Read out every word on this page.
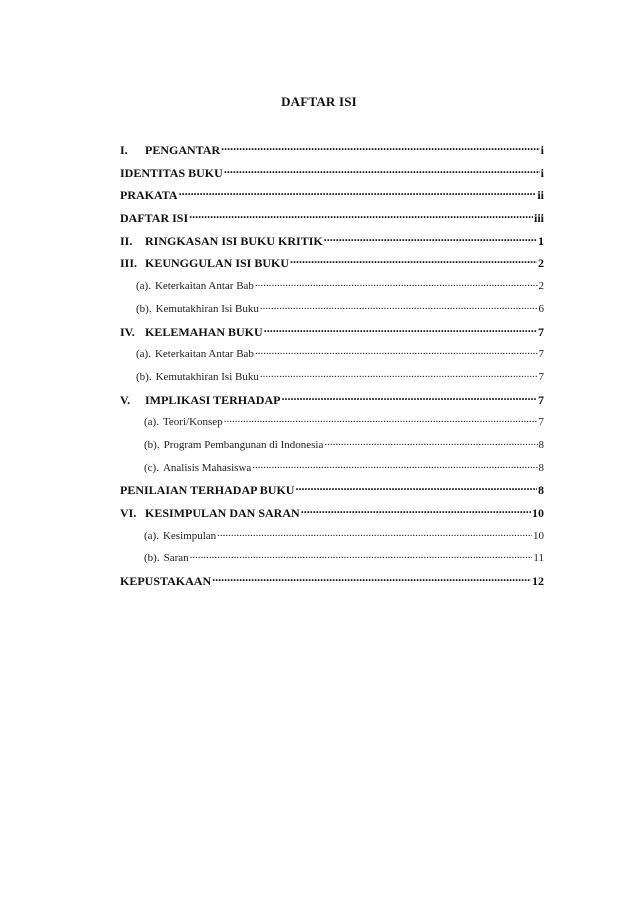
DAFTAR ISI
I.	PENGANTAR .....	i
IDENTITAS BUKU .....	i
PRAKATA .....	ii
DAFTAR ISI .....	iii
II.	RINGKASAN ISI BUKU KRITIK .....	1
III. KEUNGGULAN ISI BUKU .....	2
(a). Keterkaitan Antar Bab .....	2
(b). Kemutakhiran Isi Buku .....	6
IV. KELEMAHAN BUKU .....	7
(a). Keterkaitan Antar Bab .....	7
(b). Kemutakhiran Isi Buku .....	7
V.	IMPLIKASI TERHADAP .....	7
(a). Teori/Konsep .....	7
(b). Program Pembangunan di Indonesia .....	8
(c). Analisis Mahasiswa .....	8
PENILAIAN TERHADAP BUKU .....	8
VI. KESIMPULAN DAN SARAN .....	10
(a). Kesimpulan .....	10
(b). Saran .....	11
KEPUSTAKAAN .....	12
